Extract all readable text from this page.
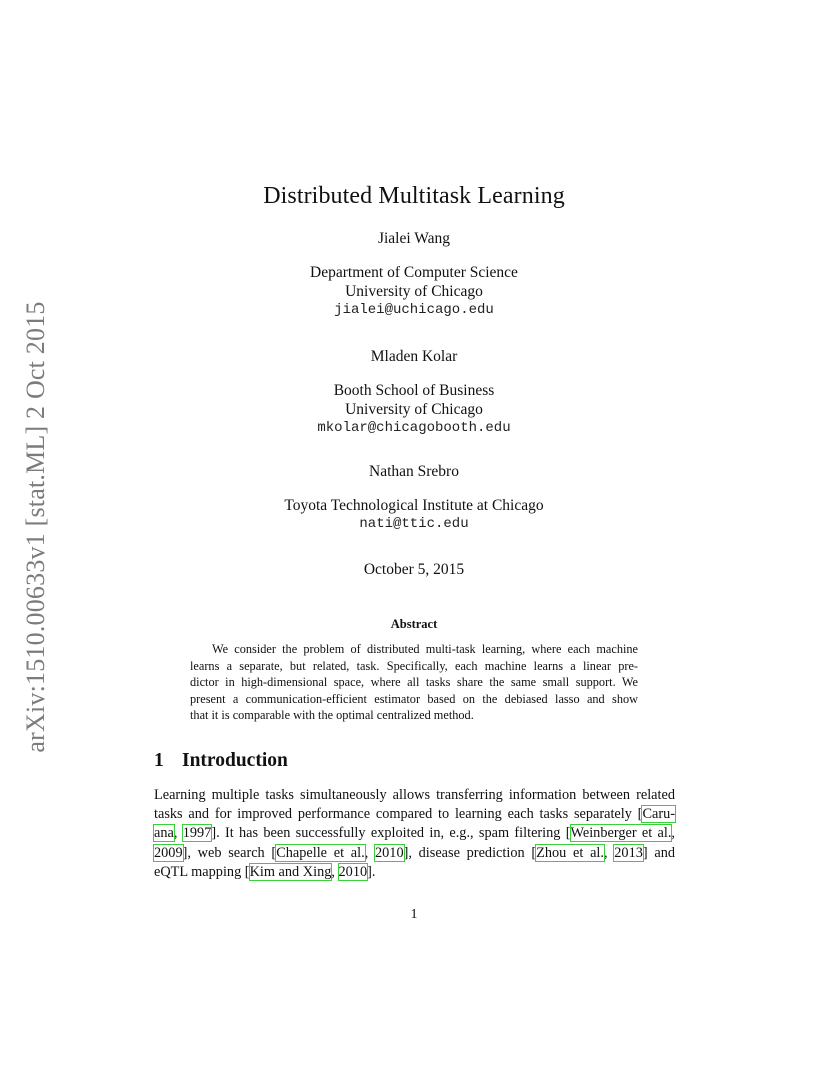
arXiv:1510.00633v1 [stat.ML] 2 Oct 2015
Distributed Multitask Learning
Jialei Wang
Department of Computer Science
University of Chicago
jialei@uchicago.edu
Mladen Kolar
Booth School of Business
University of Chicago
mkolar@chicagobooth.edu
Nathan Srebro
Toyota Technological Institute at Chicago
nati@ttic.edu
October 5, 2015
Abstract
We consider the problem of distributed multi-task learning, where each machine
learns a separate, but related, task. Specifically, each machine learns a linear pre-
dictor in high-dimensional space, where all tasks share the same small support. We
present a communication-efficient estimator based on the debiased lasso and show
that it is comparable with the optimal centralized method.
1 Introduction
Learning multiple tasks simultaneously allows transferring information between related
tasks and for improved performance compared to learning each tasks separately [Caru-
ana, 1997]. It has been successfully exploited in, e.g., spam filtering [Weinberger et al.,
2009], web search [Chapelle et al., 2010], disease prediction [Zhou et al., 2013] and
eQTL mapping [Kim and Xing, 2010].
1
